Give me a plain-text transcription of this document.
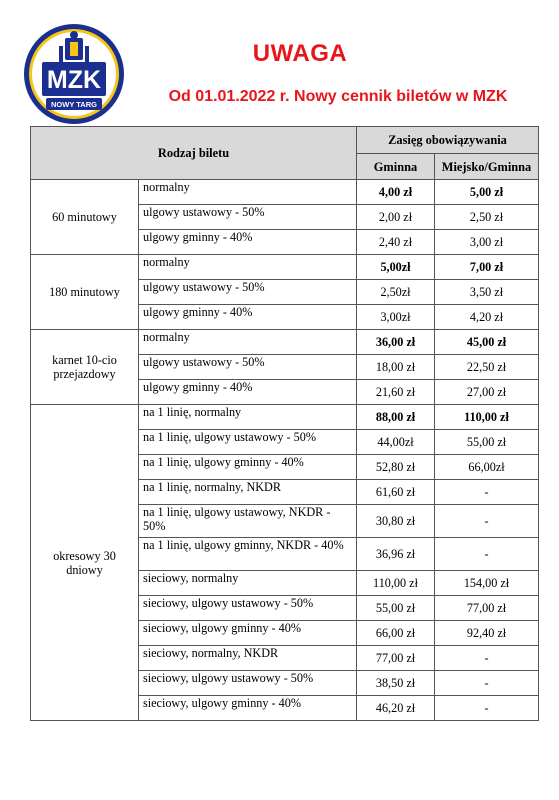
MZK
NOWY TARG
UWAGA
Od 01.01.2022 r. Nowy cennik biletów w MZK
Rodzaj biletu		Zasięg obowiązywania	
		Gminna	Miejsko/Gminna
60 minutowy	normalny	4,00 zł	5,00 zł
	ulgowy ustawowy - 50%	2,00 zł	2,50 zł
	ulgowy gminny - 40%	2,40 zł	3,00 zł
180 minutowy	normalny	5,00zł	7,00 zł
	ulgowy ustawowy - 50%	2,50zł	3,50 zł
	ulgowy gminny - 40%	3,00zł	4,20 zł
karnet 10-cio przejazdowy	normalny	36,00 zł	45,00 zł
	ulgowy ustawowy - 50%	18,00 zł	22,50 zł
	ulgowy gminny - 40%	21,60 zł	27,00 zł
okresowy 30 dniowy	na 1 linię, normalny	88,00 zł	110,00 zł
	na 1 linię, ulgowy ustawowy - 50%	44,00zł	55,00 zł
	na 1 linię, ulgowy gminny - 40%	52,80 zł	66,00zł
	na 1 linię, normalny, NKDR	61,60 zł	-
	na 1 linię, ulgowy ustawowy, NKDR - 50%	30,80 zł	-
	na 1 linię, ulgowy gminny, NKDR - 40%	36,96 zł	-
	sieciowy, normalny	110,00 zł	154,00 zł
	sieciowy, ulgowy ustawowy - 50%	55,00 zł	77,00 zł
	sieciowy, ulgowy gminny - 40%	66,00 zł	92,40 zł
	sieciowy, normalny, NKDR	77,00 zł	-
	sieciowy, ulgowy ustawowy - 50%	38,50 zł	-
	sieciowy, ulgowy gminny - 40%	46,20 zł	-
